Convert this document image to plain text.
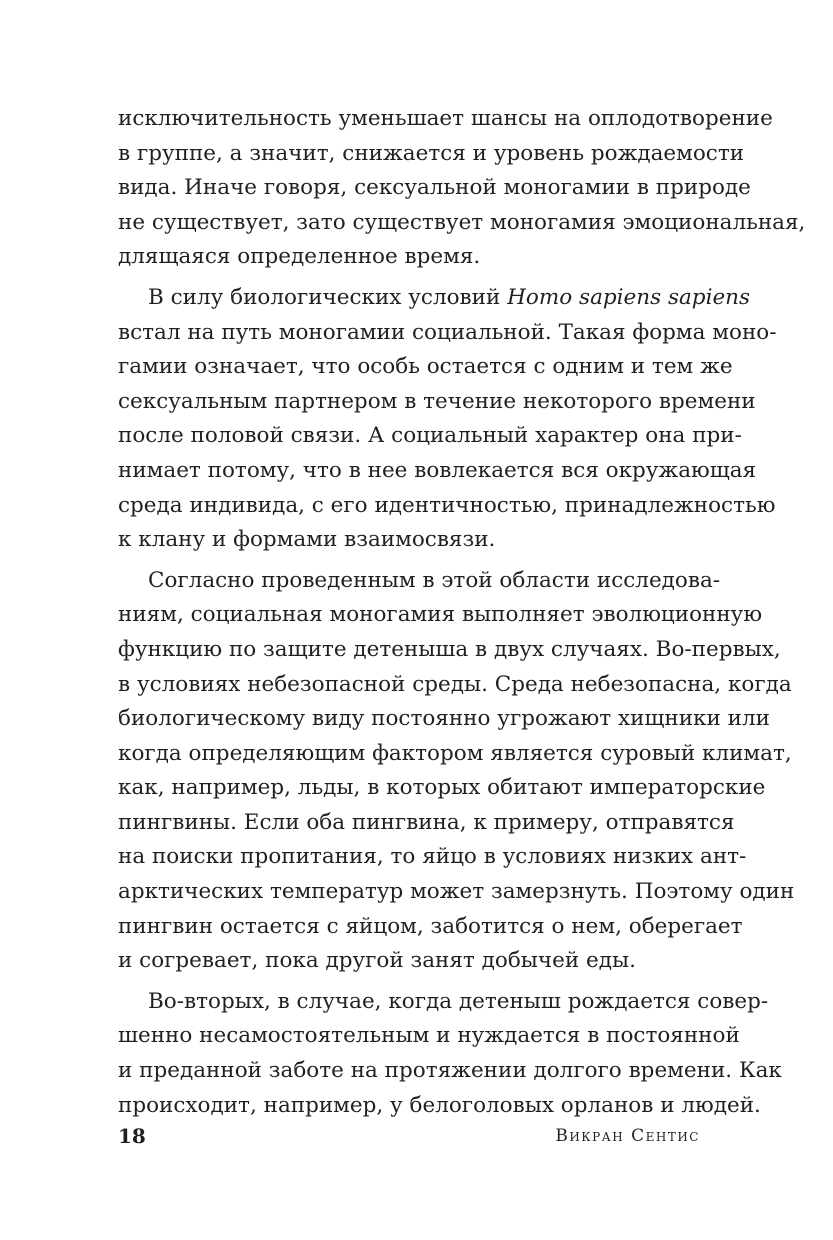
исключительность уменьшает шансы на оплодотворение
в группе, а значит, снижается и уровень рождаемости
вида. Иначе говоря, сексуальной моногамии в природе
не существует, зато существует моногамия эмоциональная,
длящаяся определенное время.
В силу биологических условий Homo sapiens sapiens
встал на путь моногамии социальной. Такая форма моно-
гамии означает, что особь остается с одним и тем же
сексуальным партнером в течение некоторого времени
после половой связи. А социальный характер она при-
нимает потому, что в нее вовлекается вся окружающая
среда индивида, с его идентичностью, принадлежностью
к клану и формами взаимосвязи.
Согласно проведенным в этой области исследова-
ниям, социальная моногамия выполняет эволюционную
функцию по защите детеныша в двух случаях. Во-первых,
в условиях небезопасной среды. Среда небезопасна, когда
биологическому виду постоянно угрожают хищники или
когда определяющим фактором является суровый климат,
как, например, льды, в которых обитают императорские
пингвины. Если оба пингвина, к примеру, отправятся
на поиски пропитания, то яйцо в условиях низких ант-
арктических температур может замерзнуть. Поэтому один
пингвин остается с яйцом, заботится о нем, оберегает
и согревает, пока другой занят добычей еды.
Во-вторых, в случае, когда детеныш рождается совер-
шенно несамостоятельным и нуждается в постоянной
и преданной заботе на протяжении долгого времени. Как
происходит, например, у белоголовых орланов и людей.
18	Викран Сентис
